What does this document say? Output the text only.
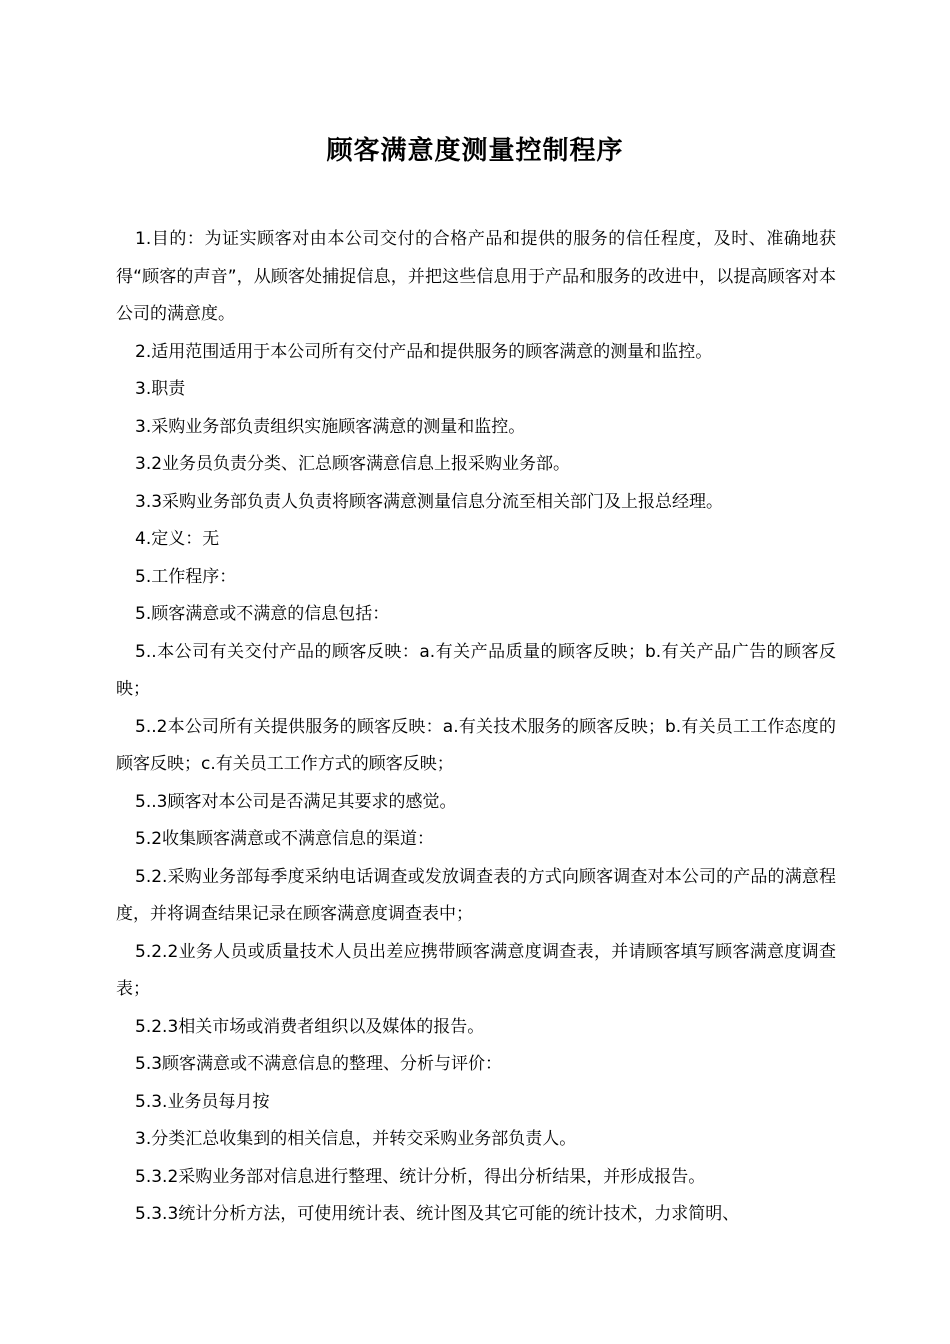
顾客满意度测量控制程序

1.目的：为证实顾客对由本公司交付的合格产品和提供的服务的信任程度，及时、准确地获得“顾客的声音”，从顾客处捕捉信息，并把这些信息用于产品和服务的改进中，以提高顾客对本公司的满意度。

2.适用范围适用于本公司所有交付产品和提供服务的顾客满意的测量和监控。

3.职责

3.采购业务部负责组织实施顾客满意的测量和监控。

3.2业务员负责分类、汇总顾客满意信息上报采购业务部。

3.3采购业务部负责人负责将顾客满意测量信息分流至相关部门及上报总经理。

4.定义：无

5.工作程序：

5.顾客满意或不满意的信息包括：

5..本公司有关交付产品的顾客反映：a.有关产品质量的顾客反映；b.有关产品广告的顾客反映；

5..2本公司所有关提供服务的顾客反映：a.有关技术服务的顾客反映；b.有关员工工作态度的顾客反映；c.有关员工工作方式的顾客反映；

5..3顾客对本公司是否满足其要求的感觉。

5.2收集顾客满意或不满意信息的渠道：

5.2.采购业务部每季度采纳电话调查或发放调查表的方式向顾客调查对本公司的产品的满意程度，并将调查结果记录在顾客满意度调查表中；

5.2.2业务人员或质量技术人员出差应携带顾客满意度调查表，并请顾客填写顾客满意度调查表；

5.2.3相关市场或消费者组织以及媒体的报告。

5.3顾客满意或不满意信息的整理、分析与评价：

5.3.业务员每月按

3.分类汇总收集到的相关信息，并转交采购业务部负责人。

5.3.2采购业务部对信息进行整理、统计分析，得出分析结果，并形成报告。

5.3.3统计分析方法，可使用统计表、统计图及其它可能的统计技术，力求简明、
